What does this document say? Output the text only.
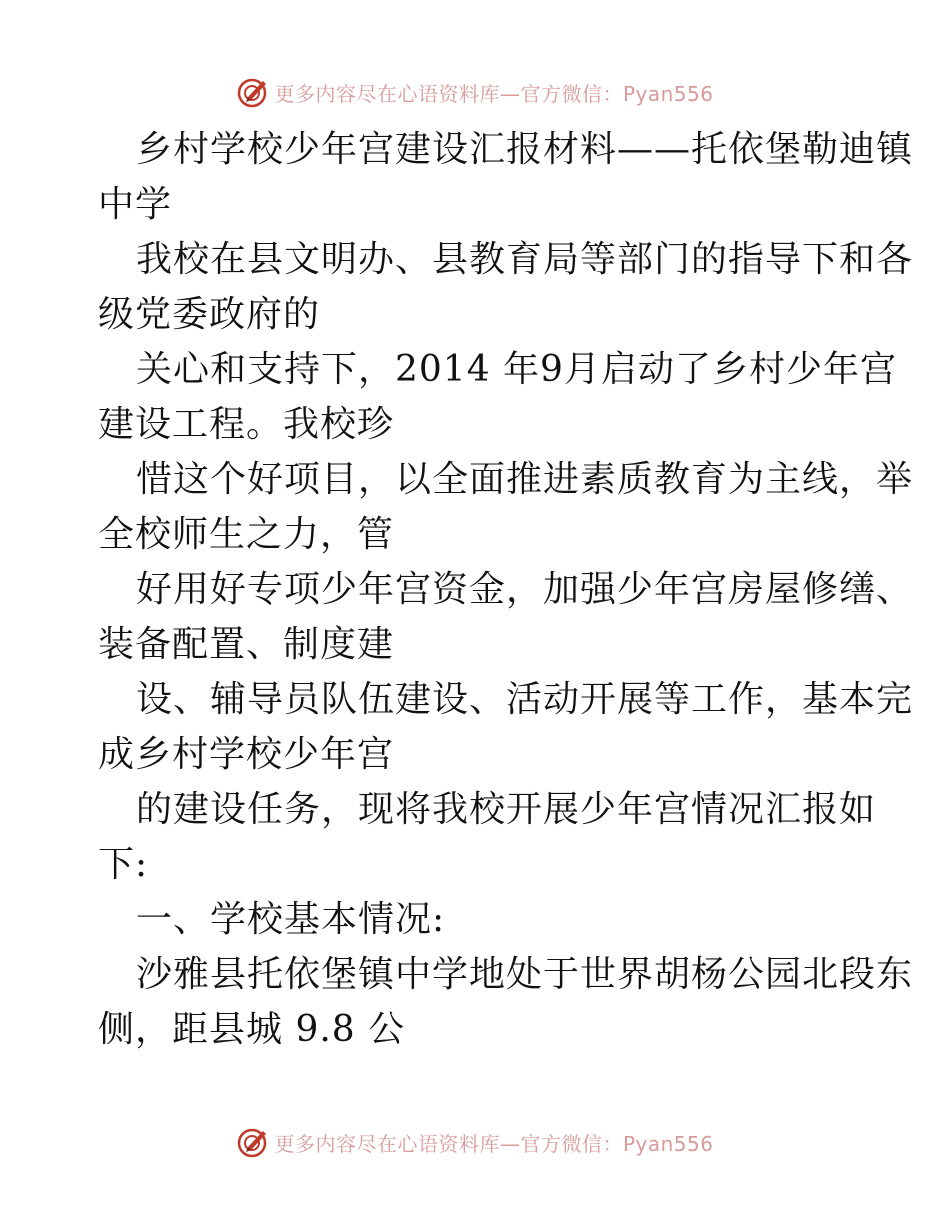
更多内容尽在心语资料库—官方微信：Pyan556
乡村学校少年宫建设汇报材料——托依堡勒迪镇
中学
我校在县文明办、县教育局等部门的指导下和各
级党委政府的
关心和支持下，2014 年9月启动了乡村少年宫
建设工程。我校珍
惜这个好项目，以全面推进素质教育为主线，举
全校师生之力，管
好用好专项少年宫资金，加强少年宫房屋修缮、
装备配置、制度建
设、辅导员队伍建设、活动开展等工作，基本完
成乡村学校少年宫
的建设任务，现将我校开展少年宫情况汇报如
下:
一、学校基本情况:
沙雅县托依堡镇中学地处于世界胡杨公园北段东
侧，距县城 9.8 公
更多内容尽在心语资料库—官方微信：Pyan556
